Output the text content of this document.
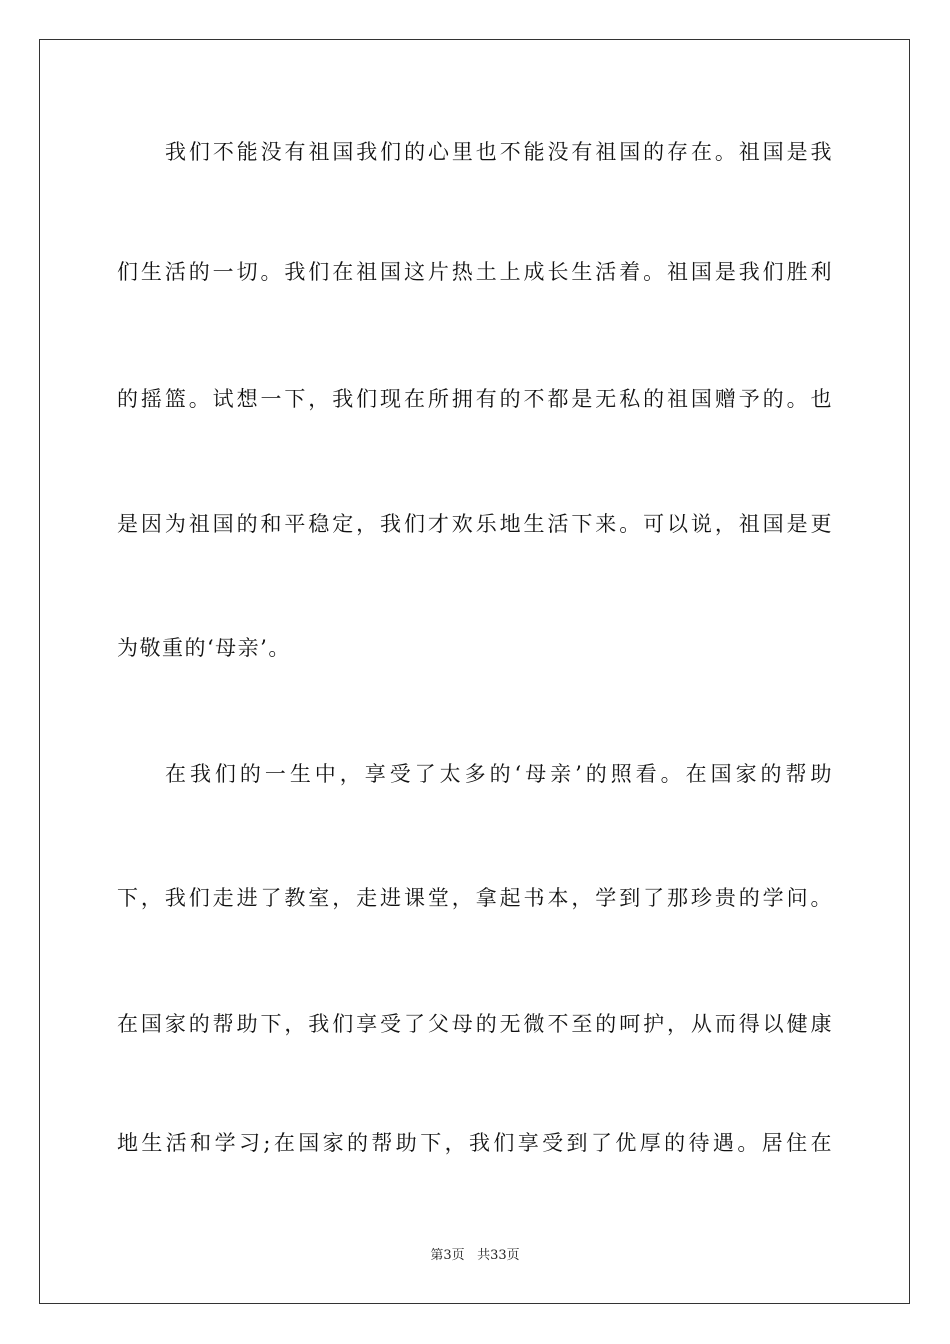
我们不能没有祖国我们的心里也不能没有祖国的存在。祖国是我
们生活的一切。我们在祖国这片热土上成长生活着。祖国是我们胜利
的摇篮。试想一下，我们现在所拥有的不都是无私的祖国赠予的。也
是因为祖国的和平稳定，我们才欢乐地生活下来。可以说，祖国是更
为敬重的‘母亲’。
在我们的一生中，享受了太多的‘母亲’的照看。在国家的帮助
下，我们走进了教室，走进课堂，拿起书本，学到了那珍贵的学问。
在国家的帮助下，我们享受了父母的无微不至的呵护，从而得以健康
地生活和学习;在国家的帮助下，我们享受到了优厚的待遇。居住在
第3页 共33页
